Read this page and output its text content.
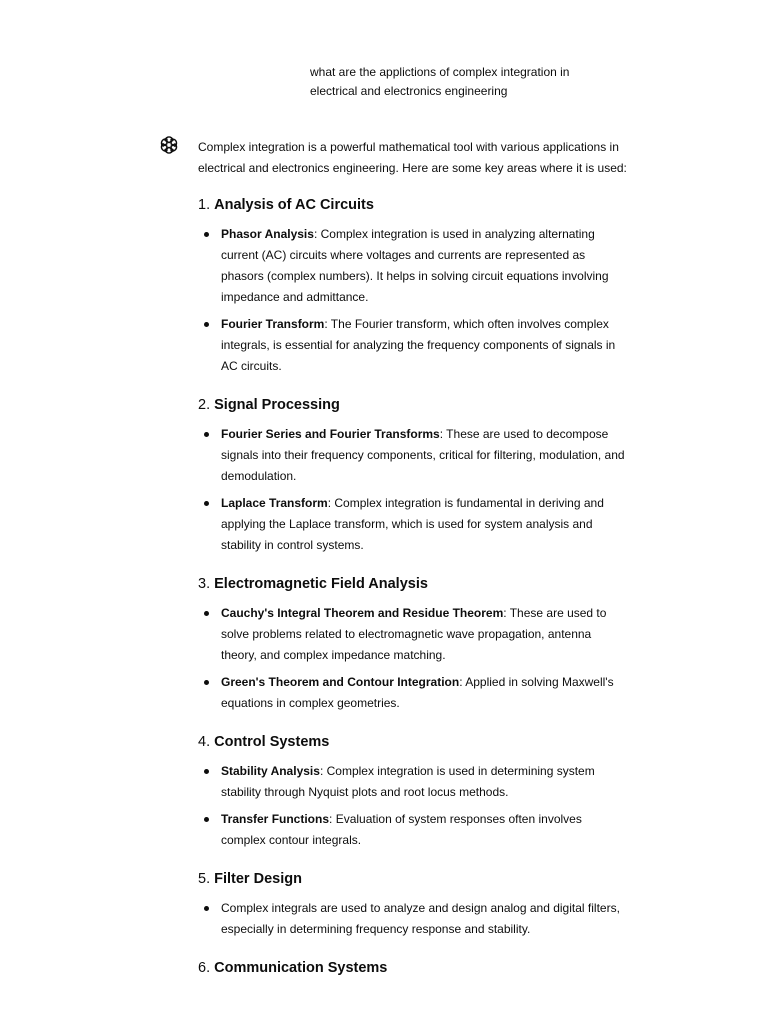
what are the applictions of complex integration in electrical and electronics engineering

Complex integration is a powerful mathematical tool with various applications in electrical and electronics engineering. Here are some key areas where it is used:

1. Analysis of AC Circuits
Phasor Analysis: Complex integration is used in analyzing alternating current (AC) circuits where voltages and currents are represented as phasors (complex numbers). It helps in solving circuit equations involving impedance and admittance.
Fourier Transform: The Fourier transform, which often involves complex integrals, is essential for analyzing the frequency components of signals in AC circuits.
2. Signal Processing
Fourier Series and Fourier Transforms: These are used to decompose signals into their frequency components, critical for filtering, modulation, and demodulation.
Laplace Transform: Complex integration is fundamental in deriving and applying the Laplace transform, which is used for system analysis and stability in control systems.
3. Electromagnetic Field Analysis
Cauchy's Integral Theorem and Residue Theorem: These are used to solve problems related to electromagnetic wave propagation, antenna theory, and complex impedance matching.
Green's Theorem and Contour Integration: Applied in solving Maxwell's equations in complex geometries.
4. Control Systems
Stability Analysis: Complex integration is used in determining system stability through Nyquist plots and root locus methods.
Transfer Functions: Evaluation of system responses often involves complex contour integrals.
5. Filter Design
Complex integrals are used to analyze and design analog and digital filters, especially in determining frequency response and stability.
6. Communication Systems
